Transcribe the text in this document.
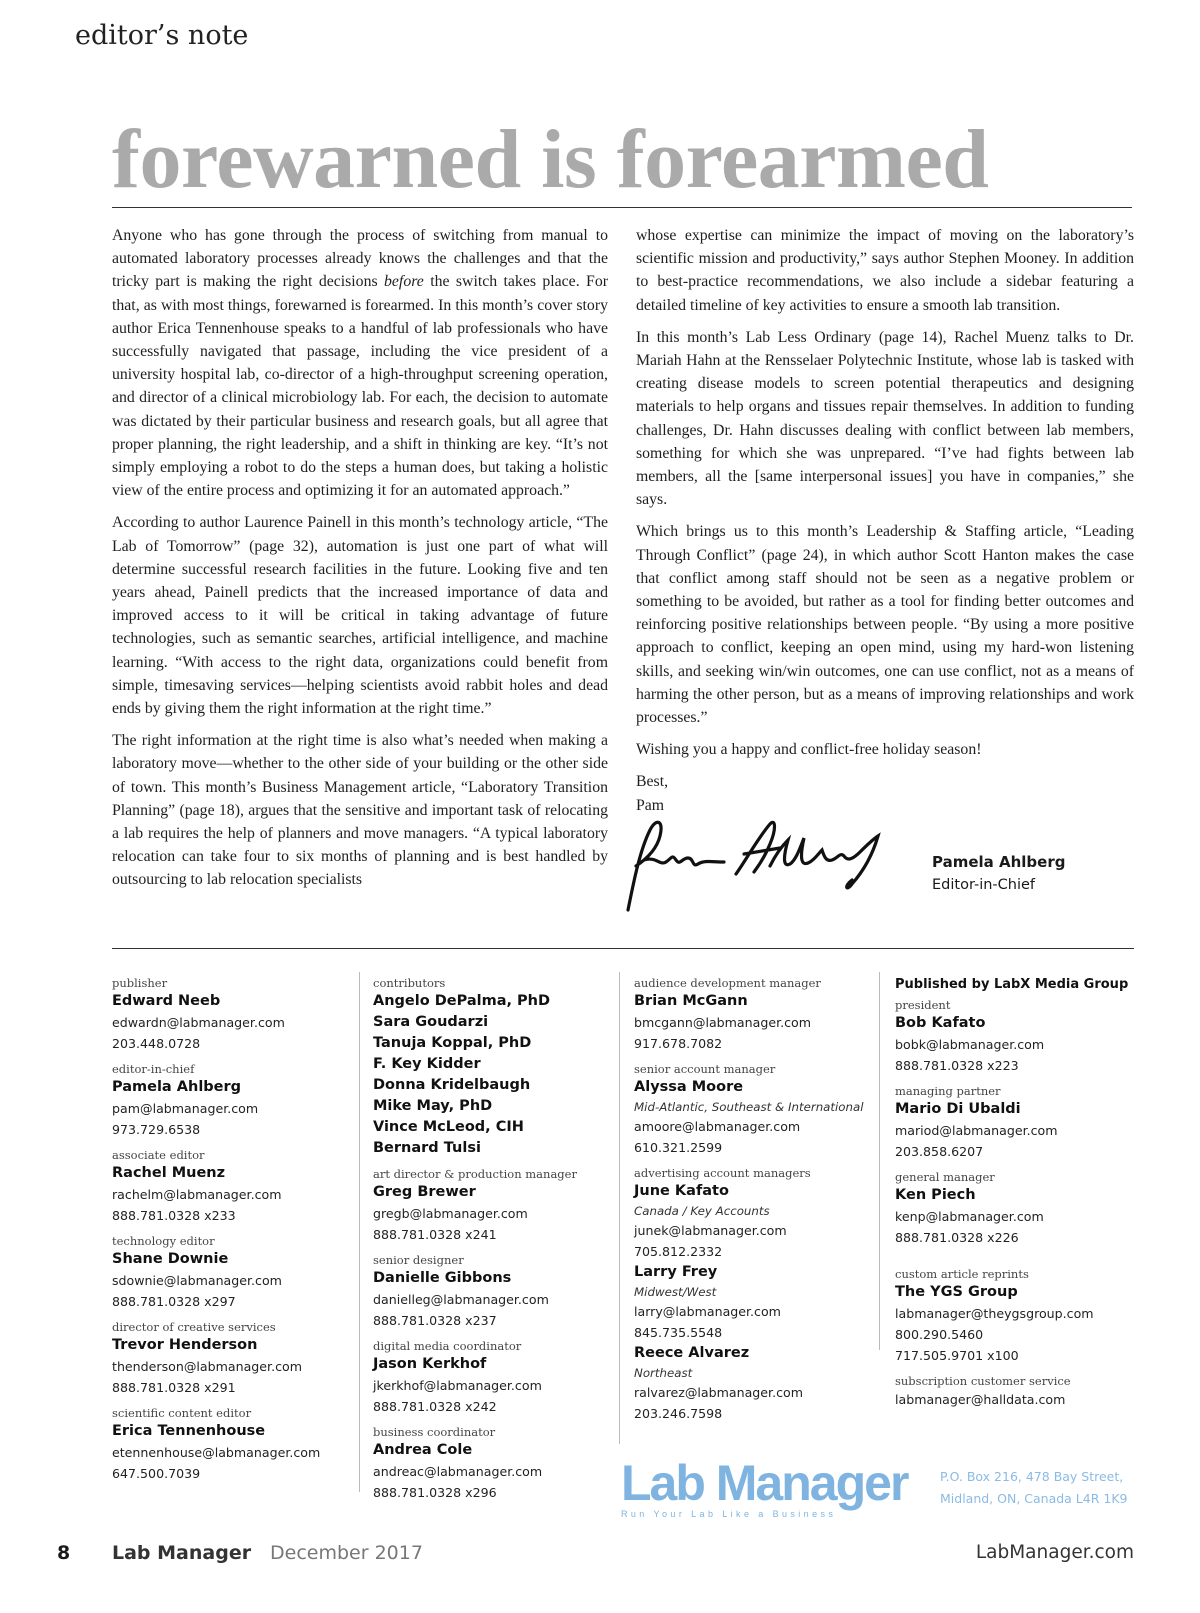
editor’s note
forewarned is forearmed

Anyone who has gone through the process of switching from manual to automated laboratory processes already knows the challenges and that the tricky part is making the right decisions before the switch takes place. For that, as with most things, forewarned is forearmed. In this month’s cover story author Erica Tennenhouse speaks to a handful of lab professionals who have successfully navigated that passage, including the vice president of a university hospital lab, co-director of a high-throughput screening operation, and director of a clinical microbiology lab. For each, the decision to automate was dictated by their particular business and research goals, but all agree that proper planning, the right leadership, and a shift in thinking are key. “It’s not simply employing a robot to do the steps a human does, but taking a holistic view of the entire process and optimizing it for an automated approach.”

According to author Laurence Painell in this month’s technology article, “The Lab of Tomorrow” (page 32), automation is just one part of what will determine successful research facilities in the future. Looking five and ten years ahead, Painell predicts that the increased importance of data and improved access to it will be critical in taking advantage of future technologies, such as semantic searches, artificial intelligence, and machine learning. “With access to the right data, organizations could benefit from simple, timesaving services—helping scientists avoid rabbit holes and dead ends by giving them the right information at the right time.”

The right information at the right time is also what’s needed when making a laboratory move—whether to the other side of your building or the other side of town. This month’s Business Management article, “Laboratory Transition Planning” (page 18), argues that the sensitive and important task of relocating a lab requires the help of planners and move managers. “A typical laboratory relocation can take four to six months of planning and is best handled by outsourcing to lab relocation specialists

whose expertise can minimize the impact of moving on the laboratory’s scientific mission and productivity,” says author Stephen Mooney. In addition to best-practice recommendations, we also include a sidebar featuring a detailed timeline of key activities to ensure a smooth lab transition.

In this month’s Lab Less Ordinary (page 14), Rachel Muenz talks to Dr. Mariah Hahn at the Rensselaer Polytechnic Institute, whose lab is tasked with creating disease models to screen potential therapeutics and designing materials to help organs and tissues repair themselves. In addition to funding challenges, Dr. Hahn discusses dealing with conflict between lab members, something for which she was unprepared. “I’ve had fights between lab members, all the [same interpersonal issues] you have in companies,” she says.

Which brings us to this month’s Leadership & Staffing article, “Leading Through Conflict” (page 24), in which author Scott Hanton makes the case that conflict among staff should not be seen as a negative problem or something to be avoided, but rather as a tool for finding better outcomes and reinforcing positive relationships between people. “By using a more positive approach to conflict, keeping an open mind, using my hard-won listening skills, and seeking win/win outcomes, one can use conflict, not as a means of harming the other person, but as a means of improving relationships and work processes.”

Wishing you a happy and conflict-free holiday season!

Best,

Pam

Pamela Ahlberg
Editor-in-Chief
publisher
Edward Neeb
edwardn@labmanager.com
203.448.0728
editor-in-chief
Pamela Ahlberg
pam@labmanager.com
973.729.6538
associate editor
Rachel Muenz
rachelm@labmanager.com
888.781.0328 x233
technology editor
Shane Downie
sdownie@labmanager.com
888.781.0328 x297
director of creative services
Trevor Henderson
thenderson@labmanager.com
888.781.0328 x291
scientific content editor
Erica Tennenhouse
etennenhouse@labmanager.com
647.500.7039
contributors
Angelo DePalma, PhD
Sara Goudarzi
Tanuja Koppal, PhD
F. Key Kidder
Donna Kridelbaugh
Mike May, PhD
Vince McLeod, CIH
Bernard Tulsi
art director & production manager
Greg Brewer
gregb@labmanager.com
888.781.0328 x241
senior designer
Danielle Gibbons
danielleg@labmanager.com
888.781.0328 x237
digital media coordinator
Jason Kerkhof
jkerkhof@labmanager.com
888.781.0328 x242
business coordinator
Andrea Cole
andreac@labmanager.com
888.781.0328 x296
audience development manager
Brian McGann
bmcgann@labmanager.com
917.678.7082
senior account manager
Alyssa Moore
Mid-Atlantic, Southeast & International
amoore@labmanager.com
610.321.2599
advertising account managers
June Kafato
Canada / Key Accounts
junek@labmanager.com
705.812.2332
Larry Frey
Midwest/West
larry@labmanager.com
845.735.5548
Reece Alvarez
Northeast
ralvarez@labmanager.com
203.246.7598
Published by LabX Media Group
president
Bob Kafato
bobk@labmanager.com
888.781.0328 x223
managing partner
Mario Di Ubaldi
mariod@labmanager.com
203.858.6207
general manager
Ken Piech
kenp@labmanager.com
888.781.0328 x226
custom article reprints
The YGS Group
labmanager@theygsgroup.com
800.290.5460
717.505.9701 x100
subscription customer service
labmanager@halldata.com
Lab Manager
Run Your Lab Like a Business
P.O. Box 216, 478 Bay Street,
Midland, ON, Canada L4R 1K9
8 Lab Manager December 2017	LabManager.com
